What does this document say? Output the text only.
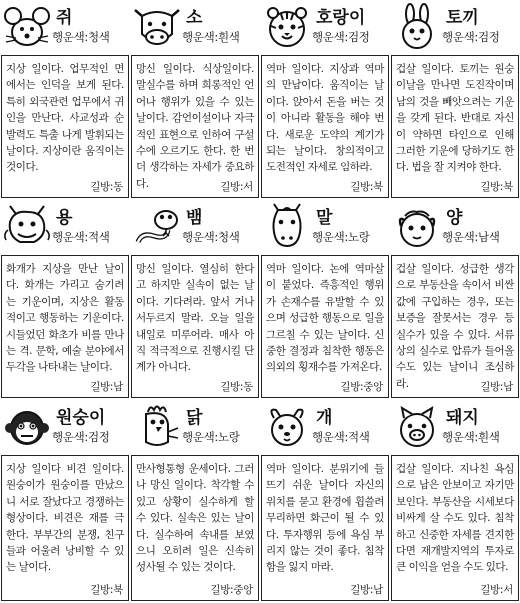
쥐
행운색:청색
지상 일이다. 업무적인 면에서는 인덕을 보게 된다. 특히 외국관련 업무에서 귀인을 만난다. 사교성과 순발력도 특출 나게 발휘되는 날이다. 지상이란 움직이는 것이다.
길방:동
소
행운색:흰색
망신 일이다. 식상일이다. 말실수를 하며 희롱적인 언어나 행위가 있을 수 있는 날이다. 감언이설이나 자극적인 표현으로 인하여 구설수에 오르기도 한다. 한 번 더 생각하는 자세가 중요하다.	길방:서
호랑이
행운색:검정
역마 일이다. 지상과 역마의 만남이다. 움직이는 날이다. 앉아서 돈을 버는 것이 아니라 활동을 해야 번다. 새로운 도약의 계기가 되는 날이다. 창의적이고 도전적인 자세로 임하라.
길방:북
토끼
행운색:검정
겁살 일이다. 토끼는 원숭이날을 만나면 도진작이며 남의 것을 빼앗으려는 기운을 갖게 된다. 반대로 자신이 약하면 타인으로 인해 그러한 기운에 당하기도 한다. 법을 잘 지켜야 한다.
길방:북
용
행운색:적색
화개가 지상을 만난 날이다. 화개는 가리고 숨기려는 기운이며, 지상은 활동적이고 행동하는 기운이다. 시들었던 화초가 비를 만나는 격. 문학, 예술 분야에서 두각을 나타내는 날이다.
길방:남
뱀
행운색:청색
망신 일이다. 열심히 한다고 하지만 실속이 없는 날이다. 기다려라. 앞서 거나 서두르지 말라. 오늘 일을 내일로 미루어라. 매사 아직 적극적으로 진행시킬 단계가 아니다.
길방:동
말
행운색:노랑
역마 일이다. 논에 역마살이 붙었다. 즉흥적인 행위가 손재수를 유발할 수 있으며 성급한 행동으로 일을 그르칠 수 있는 날이다. 신중한 결정과 침착한 행동은 의외의 횡재수를 가져온다.
길방:중앙
양
행운색:남색
겁살 일이다. 성급한 생각으로 부동산을 속이서 비싼 값에 구입하는 경우, 또는 보증을 잘못서는 경우 등 실수가 있을 수 있다. 서류상의 실수로 압류가 들어올 수도 있는 날이니 조심하라.	길방:남
원숭이
행운색:검정
지상 일이다 비견 일이다. 원숭이가 원숭이를 만났으니 서로 잘났다고 경쟁하는 형상이다. 비견은 재를 극한다. 부부간의 분쟁, 친구들과 어울려 낭비할 수 있는 날이다.
길방:북
닭
행운색:노랑
만사형통형 운세이다. 그러나 망신 일이다. 착각할 수 있고 상황이 실수하게 할 수 있다. 실속은 있는 날이다. 실수하여 속내를 보였으니 오히려 일은 신속히 성사될 수 있는 것이다.
길방:중앙
개
행운색:적색
역마 일이다. 분위기에 들뜨기 쉬운 날이다 자신의 위치를 묻고 환경에 휩쓸려 무리하면 화근이 될 수 있다. 투자행위 등에 욕심 부리지 않는 것이 좋다. 침착함을 잃지 마라.
길방:남
돼지
행운색:흰색
겁살 일이다. 지나친 욕심으로 남은 안보이고 자기만 보인다. 부동산을 시세보다 비싸게 살 수도 있다. 침착하고 신중한 자세를 견지한다면 재개발지역의 투자로 큰 이익을 얻을 수도 있다.
길방:서
